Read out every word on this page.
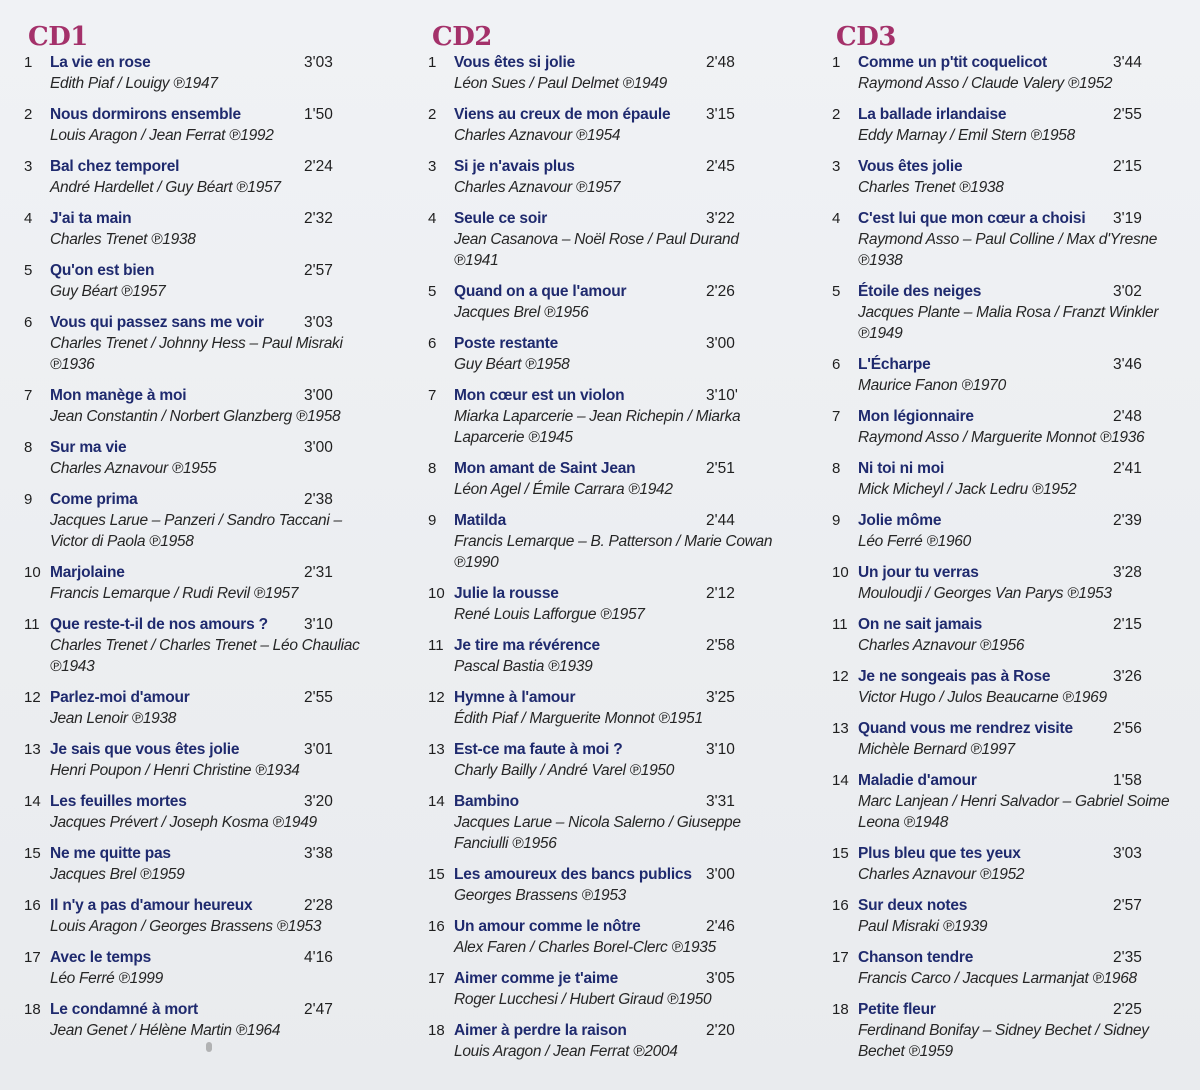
CD1
1	La vie en rose	3'03
Edith Piaf / Louigy ℗1947
2	Nous dormirons ensemble	1'50
Louis Aragon / Jean Ferrat ℗1992
3	Bal chez temporel	2'24
André Hardellet / Guy Béart ℗1957
4	J'ai ta main	2'32
Charles Trenet ℗1938
5	Qu'on est bien	2'57
Guy Béart ℗1957
6	Vous qui passez sans me voir	3'03
Charles Trenet / Johnny Hess – Paul Misraki ℗1936
7	Mon manège à moi	3'00
Jean Constantin / Norbert Glanzberg ℗1958
8	Sur ma vie	3'00
Charles Aznavour ℗1955
9	Come prima	2'38
Jacques Larue – Panzeri / Sandro Taccani – Victor di Paola ℗1958
10 Marjolaine	2'31
Francis Lemarque / Rudi Revil ℗1957
11 Que reste-t-il de nos amours ?	3'10
Charles Trenet / Charles Trenet – Léo Chauliac ℗1943
12 Parlez-moi d'amour	2'55
Jean Lenoir ℗1938
13 Je sais que vous êtes jolie	3'01
Henri Poupon / Henri Christine ℗1934
14 Les feuilles mortes	3'20
Jacques Prévert / Joseph Kosma ℗1949
15 Ne me quitte pas	3'38
Jacques Brel ℗1959
16 Il n'y a pas d'amour heureux	2'28
Louis Aragon / Georges Brassens ℗1953
17 Avec le temps	4'16
Léo Ferré ℗1999
18 Le condamné à mort	2'47
Jean Genet / Hélène Martin ℗1964
CD2
1	Vous êtes si jolie	2'48
Léon Sues / Paul Delmet ℗1949
2	Viens au creux de mon épaule	3'15
Charles Aznavour ℗1954
3	Si je n'avais plus	2'45
Charles Aznavour ℗1957
4	Seule ce soir	3'22
Jean Casanova – Noël Rose / Paul Durand ℗1941
5	Quand on a que l'amour	2'26
Jacques Brel ℗1956
6	Poste restante	3'00
Guy Béart ℗1958
7	Mon cœur est un violon	3'10'
Miarka Laparcerie – Jean Richepin / Miarka Laparcerie ℗1945
8	Mon amant de Saint Jean	2'51
Léon Agel / Émile Carrara ℗1942
9	Matilda	2'44
Francis Lemarque – B. Patterson / Marie Cowan ℗1990
10 Julie la rousse	2'12
René Louis Lafforgue ℗1957
11 Je tire ma révérence	2'58
Pascal Bastia ℗1939
12 Hymne à l'amour	3'25
Édith Piaf / Marguerite Monnot ℗1951
13 Est-ce ma faute à moi ?	3'10
Charly Bailly / André Varel ℗1950
14 Bambino	3'31
Jacques Larue – Nicola Salerno / Giuseppe Fanciulli ℗1956
15 Les amoureux des bancs publics 3'00
Georges Brassens ℗1953
16 Un amour comme le nôtre	2'46
Alex Faren / Charles Borel-Clerc ℗1935
17 Aimer comme je t'aime	3'05
Roger Lucchesi / Hubert Giraud ℗1950
18 Aimer à perdre la raison	2'20
Louis Aragon / Jean Ferrat ℗2004
CD3
1	Comme un p'tit coquelicot	3'44
Raymond Asso / Claude Valery ℗1952
2	La ballade irlandaise	2'55
Eddy Marnay / Emil Stern ℗1958
3	Vous êtes jolie	2'15
Charles Trenet ℗1938
4	C'est lui que mon cœur a choisi	3'19
Raymond Asso – Paul Colline / Max d'Yresne ℗1938
5	Étoile des neiges	3'02
Jacques Plante – Malia Rosa / Franzt Winkler ℗1949
6	L'Écharpe	3'46
Maurice Fanon ℗1970
7	Mon légionnaire	2'48
Raymond Asso / Marguerite Monnot ℗1936
8	Ni toi ni moi	2'41
Mick Micheyl / Jack Ledru ℗1952
9	Jolie môme	2'39
Léo Ferré ℗1960
10 Un jour tu verras	3'28
Mouloudji / Georges Van Parys ℗1953
11 On ne sait jamais	2'15
Charles Aznavour ℗1956
12 Je ne songeais pas à Rose	3'26
Victor Hugo / Julos Beaucarne ℗1969
13 Quand vous me rendrez visite	2'56
Michèle Bernard ℗1997
14 Maladie d'amour	1'58
Marc Lanjean / Henri Salvador – Gabriel Soime Leona ℗1948
15 Plus bleu que tes yeux	3'03
Charles Aznavour ℗1952
16 Sur deux notes	2'57
Paul Misraki ℗1939
17 Chanson tendre	2'35
Francis Carco / Jacques Larmanjat ℗1968
18 Petite fleur	2'25
Ferdinand Bonifay – Sidney Bechet / Sidney Bechet ℗1959
